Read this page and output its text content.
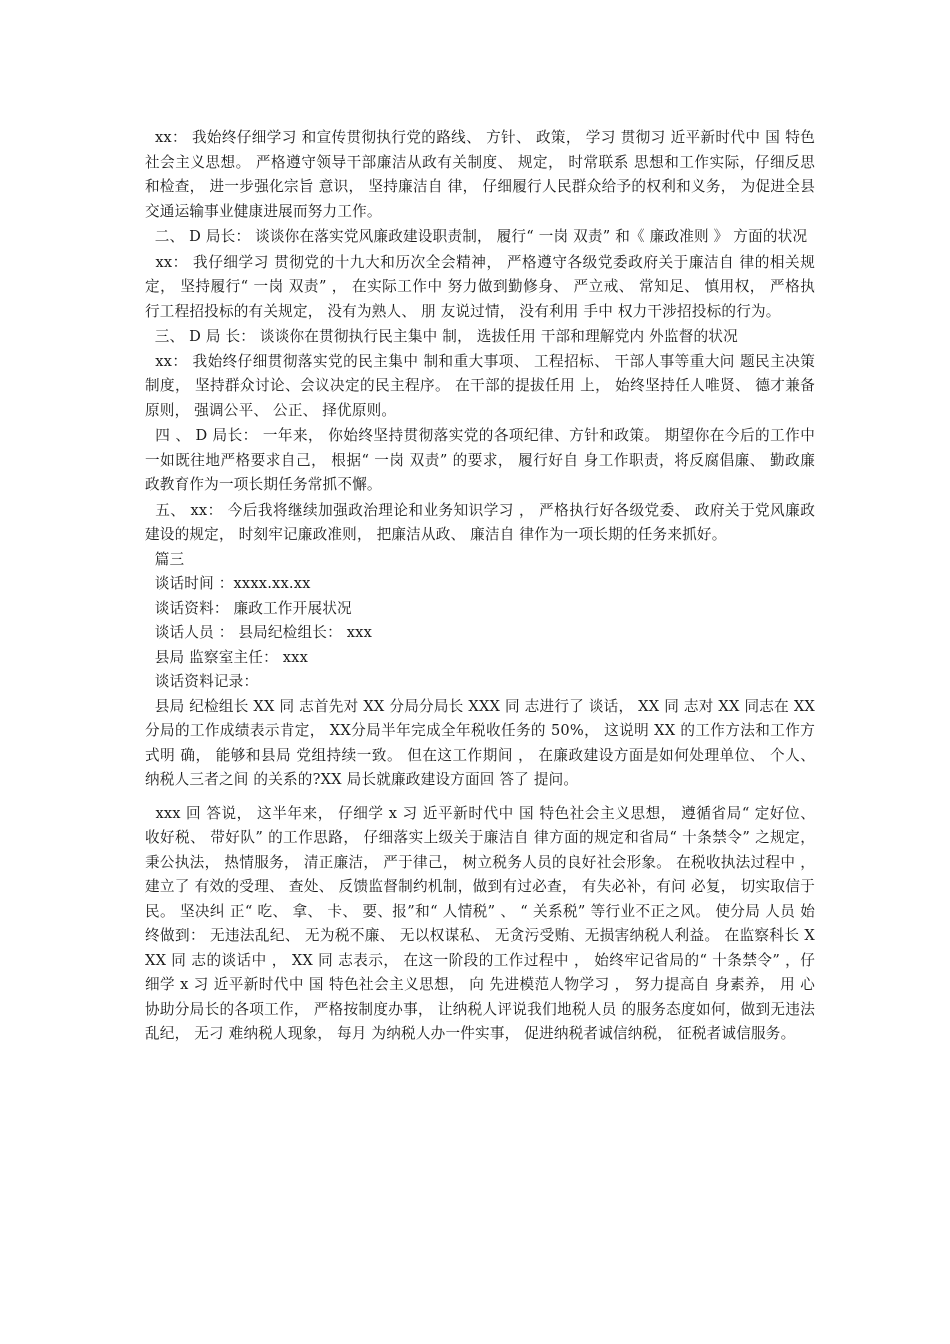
xx： 我始终仔细学习 和宣传贯彻执行党的路线、 方针、 政策， 学习 贯彻习 近平新时代中 国 特色社会主义思想。 严格遵守领导干部廉洁从政有关制度、 规定， 时常联系 思想和工作实际，仔细反思和检查， 进一步强化宗旨 意识， 坚持廉洁自 律， 仔细履行人民群众给予的权利和义务， 为促进全县交通运输事业健康进展而努力工作。

二、 D 局长： 谈谈你在落实党风廉政建设职责制， 履行“ 一岗 双责” 和《 廉政准则 》 方面的状况

xx： 我仔细学习 贯彻党的十九大和历次全会精神， 严格遵守各级党委政府关于廉洁自 律的相关规定， 坚持履行“ 一岗 双责” ， 在实际工作中 努力做到勤修身、 严立戒、 常知足、 慎用权， 严格执行工程招投标的有关规定， 没有为熟人、 朋 友说过情， 没有利用 手中 权力干涉招投标的行为。

三、 D 局 长： 谈谈你在贯彻执行民主集中 制， 选拔任用 干部和理解党内 外监督的状况

xx： 我始终仔细贯彻落实党的民主集中 制和重大事项、 工程招标、 干部人事等重大问 题民主决策制度， 坚持群众讨论、会议决定的民主程序。 在干部的提拔任用 上， 始终坚持任人唯贤、 德才兼备原则， 强调公平、 公正、 择优原则。

四 、 D 局长： 一年来， 你始终坚持贯彻落实党的各项纪律、方针和政策。 期望你在今后的工作中 一如既往地严格要求自己， 根据“ 一岗 双责” 的要求， 履行好自 身工作职责，将反腐倡廉、 勤政廉政教育作为一项长期任务常抓不懈。

五、 xx： 今后我将继续加强政治理论和业务知识学习 ， 严格执行好各级党委、 政府关于党风廉政建设的规定， 时刻牢记廉政准则， 把廉洁从政、 廉洁自 律作为一项长期的任务来抓好。

篇三

谈话时间 ：xxxx.xx.xx

谈话资料： 廉政工作开展状况

谈话人员 ： 县局纪检组长： xxx

县局 监察室主任： xxx

谈话资料记录：

县局 纪检组长 XX 同 志首先对 XX 分局分局长 XXX 同 志进行了 谈话， XX 同 志对 XX 同志在 XX 分局的工作成绩表示肯定， XX分局半年完成全年税收任务的 50%， 这说明 XX 的工作方法和工作方式明 确， 能够和县局 党组持续一致。 但在这工作期间 ， 在廉政建设方面是如何处理单位、 个人、 纳税人三者之间 的关系的?XX 局长就廉政建设方面回 答了 提问。

xxx 回 答说， 这半年来， 仔细学 x 习 近平新时代中 国 特色社会主义思想， 遵循省局“ 定好位、 收好税、 带好队” 的工作思路， 仔细落实上级关于廉洁自 律方面的规定和省局“ 十条禁令” 之规定， 秉公执法， 热情服务， 清正廉洁， 严于律己， 树立税务人员的良好社会形象。 在税收执法过程中 ， 建立了 有效的受理、 查处、 反馈监督制约机制，做到有过必查， 有失必补，有问 必复， 切实取信于民。 坚决纠 正“ 吃、 拿、 卡、 要、报”和“ 人情税” 、 “ 关系税” 等行业不正之风。 使分局 人员 始终做到： 无违法乱纪、 无为税不廉、 无以权谋私、 无贪污受贿、无损害纳税人利益。 在监察科长 XXX 同 志的谈话中 ， XX 同 志表示， 在这一阶段的工作过程中 ， 始终牢记省局的“ 十条禁令” ，仔细学 x 习 近平新时代中 国 特色社会主义思想， 向 先进模范人物学习 ， 努力提高自 身素养， 用 心协助分局长的各项工作， 严格按制度办事， 让纳税人评说我们地税人员 的服务态度如何，做到无违法乱纪， 无刁 难纳税人现象， 每月 为纳税人办一件实事， 促进纳税者诚信纳税， 征税者诚信服务。
